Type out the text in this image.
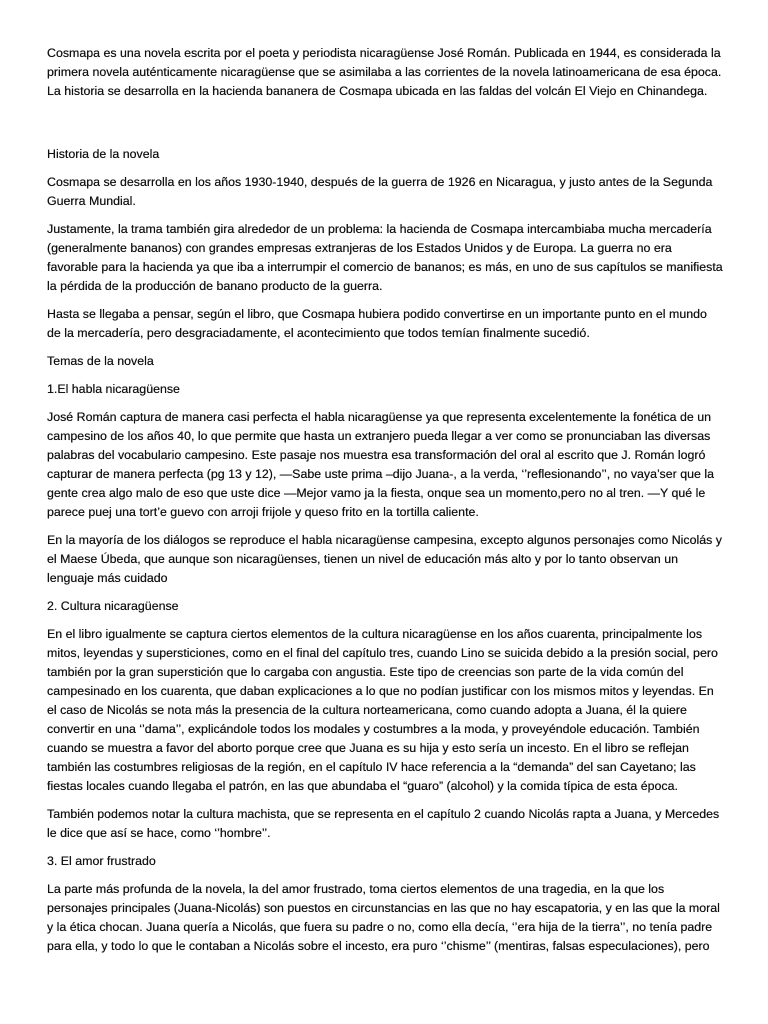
Cosmapa es una novela escrita por el poeta y periodista nicaragüense José Román. Publicada en 1944, es considerada la primera novela auténticamente nicaragüense que se asimilaba a las corrientes de la novela latinoamericana de esa época. La historia se desarrolla en la hacienda bananera de Cosmapa ubicada en las faldas del volcán El Viejo en Chinandega.

Historia de la novela

Cosmapa se desarrolla en los años 1930-1940, después de la guerra de 1926 en Nicaragua, y justo antes de la Segunda Guerra Mundial.

Justamente, la trama también gira alrededor de un problema: la hacienda de Cosmapa intercambiaba mucha mercadería (generalmente bananos) con grandes empresas extranjeras de los Estados Unidos y de Europa. La guerra no era favorable para la hacienda ya que iba a interrumpir el comercio de bananos; es más, en uno de sus capítulos se manifiesta la pérdida de la producción de banano producto de la guerra.

Hasta se llegaba a pensar, según el libro, que Cosmapa hubiera podido convertirse en un importante punto en el mundo de la mercadería, pero desgraciadamente, el acontecimiento que todos temían finalmente sucedió.

Temas de la novela

1.El habla nicaragüense

José Román captura de manera casi perfecta el habla nicaragüense ya que representa excelentemente la fonética de un campesino de los años 40, lo que permite que hasta un extranjero pueda llegar a ver como se pronunciaban las diversas palabras del vocabulario campesino. Este pasaje nos muestra esa transformación del oral al escrito que J. Román logró capturar de manera perfecta (pg 13 y 12), —Sabe uste prima –dijo Juana-, a la verda, ‘’reflesionando’’, no vaya’ser que la gente crea algo malo de eso que uste dice —Mejor vamo ja la fiesta, onque sea un momento,pero no al tren. —Y qué le parece puej una tort’e guevo con arroji frijole y queso frito en la tortilla caliente.

En la mayoría de los diálogos se reproduce el habla nicaragüense campesina, excepto algunos personajes como Nicolás y el Maese Úbeda, que aunque son nicaragüenses, tienen un nivel de educación más alto y por lo tanto observan un lenguaje más cuidado

2. Cultura nicaragüense

En el libro igualmente se captura ciertos elementos de la cultura nicaragüense en los años cuarenta, principalmente los mitos, leyendas y supersticiones, como en el final del capítulo tres, cuando Lino se suicida debido a la presión social, pero también por la gran superstición que lo cargaba con angustia. Este tipo de creencias son parte de la vida común del campesinado en los cuarenta, que daban explicaciones a lo que no podían justificar con los mismos mitos y leyendas. En el caso de Nicolás se nota más la presencia de la cultura norteamericana, como cuando adopta a Juana, él la quiere convertir en una ‘’dama’’, explicándole todos los modales y costumbres a la moda, y proveyéndole educación. También cuando se muestra a favor del aborto porque cree que Juana es su hija y esto sería un incesto. En el libro se reflejan también las costumbres religiosas de la región, en el capítulo IV hace referencia a la “demanda” del san Cayetano; las fiestas locales cuando llegaba el patrón, en las que abundaba el “guaro” (alcohol) y la comida típica de esta época.

También podemos notar la cultura machista, que se representa en el capítulo 2 cuando Nicolás rapta a Juana, y Mercedes le dice que así se hace, como ‘’hombre’’.

3. El amor frustrado

La parte más profunda de la novela, la del amor frustrado, toma ciertos elementos de una tragedia, en la que los personajes principales (Juana-Nicolás) son puestos en circunstancias en las que no hay escapatoria, y en las que la moral y la ética chocan. Juana quería a Nicolás, que fuera su padre o no, como ella decía, ‘’era hija de la tierra’’, no tenía padre para ella, y todo lo que le contaban a Nicolás sobre el incesto, era puro ‘’chisme’’ (mentiras, falsas especulaciones), pero
